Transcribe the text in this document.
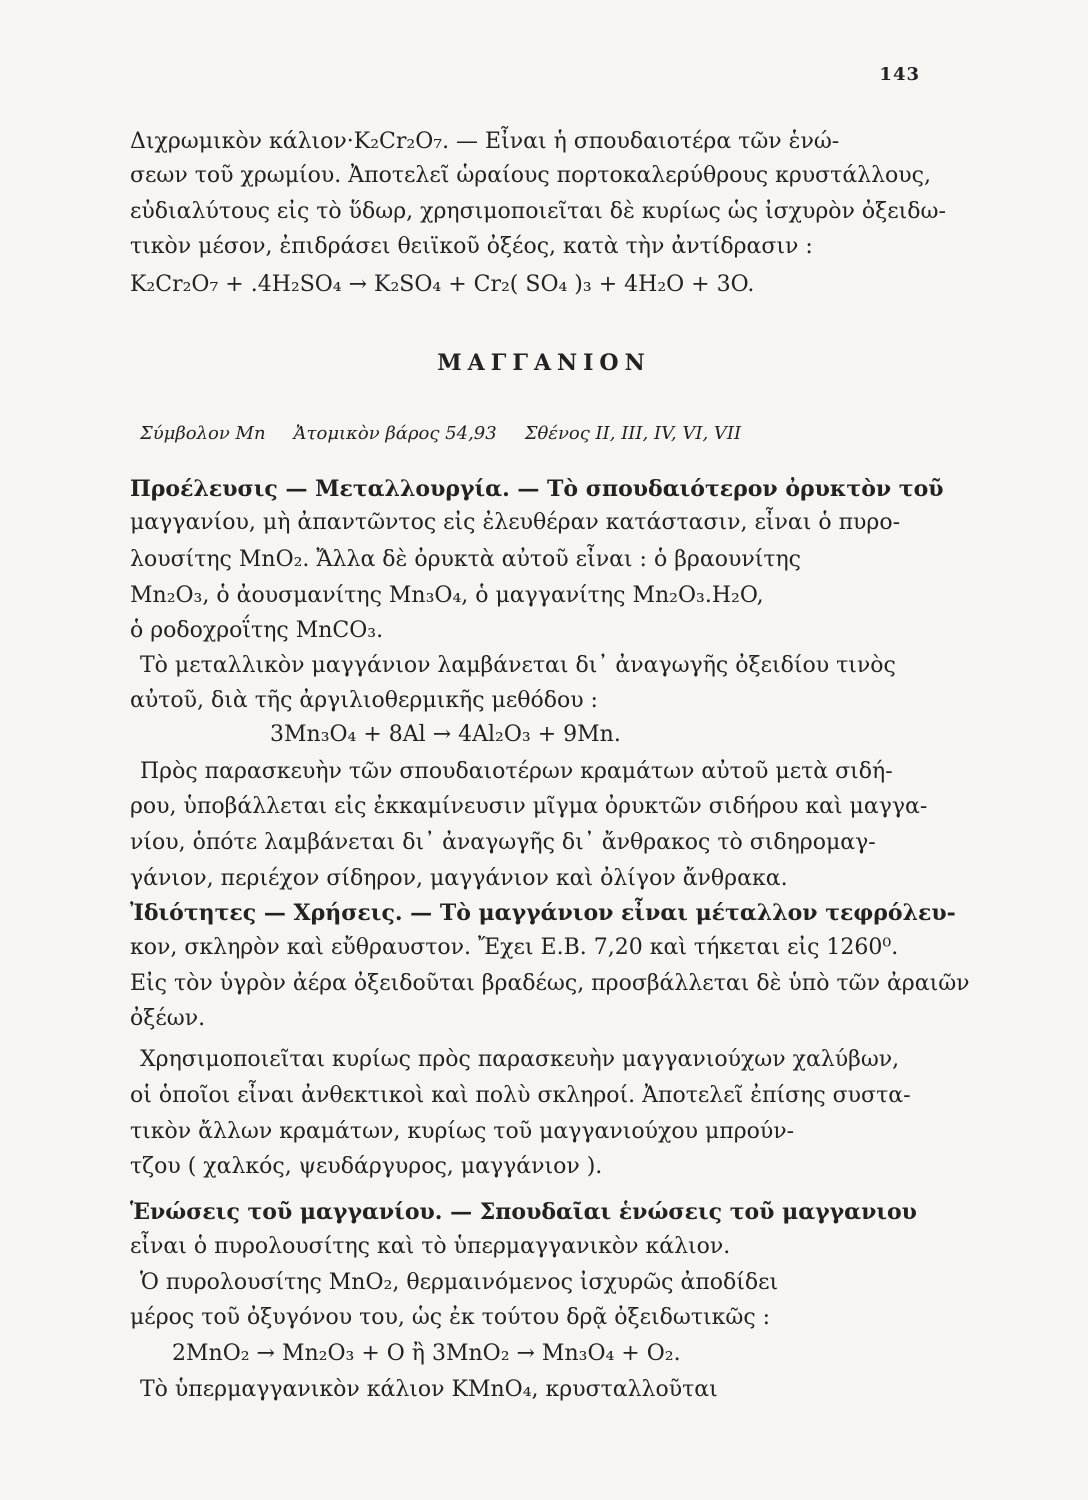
143
Διχρωμικὸν κάλιον·K₂Cr₂O₇. — Εἶναι ἡ σπουδαιοτέρα τῶν ἑνώ-
σεων τοῦ χρωμίου. Ἀποτελεῖ ὡραίους πορτοκαλερύθρους κρυστάλλους,
εὐδιαλύτους εἰς τὸ ὕδωρ, χρησιμοποιεῖται δὲ κυρίως ὡς ἰσχυρὸν ὀξειδω-
τικὸν μέσον, ἐπιδράσει θειϊκοῦ ὀξέος, κατὰ τὴν ἀντίδρασιν :
K₂Cr₂O₇ + .4H₂SO₄ → K₂SO₄ + Cr₂( SO₄ )₃ + 4H₂O + 3O.
ΜΑΓΓΑΝΙΟΝ
Σύμβολον Mn Ἀτομικὸν βάρος 54,93 Σθένος II, III, IV, VI, VII
Προέλευσις — Μεταλλουργία. — Τὸ σπουδαιότερον ὀρυκτὸν τοῦ
μαγγανίου, μὴ ἀπαντῶντος εἰς ἐλευθέραν κατάστασιν, εἶναι ὁ πυρο-
λουσίτης MnO₂. Ἄλλα δὲ ὀρυκτὰ αὐτοῦ εἶναι : ὁ βραουνίτης
Mn₂O₃, ὁ ἀουσμανίτης Mn₃O₄, ὁ μαγγανίτης Mn₂O₃.H₂O,
ὁ ροδοχροΐτης MnCO₃.
Τὸ μεταλλικὸν μαγγάνιον λαμβάνεται δι᾿ ἀναγωγῆς ὀξειδίου τινὸς
αὐτοῦ, διὰ τῆς ἀργιλιοθερμικῆς μεθόδου :
3Mn₃O₄ + 8Al → 4Al₂O₃ + 9Mn.
Πρὸς παρασκευὴν τῶν σπουδαιοτέρων κραμάτων αὐτοῦ μετὰ σιδή-
ρου, ὑποβάλλεται εἰς ἐκκαμίνευσιν μῖγμα ὀρυκτῶν σιδήρου καὶ μαγγα-
νίου, ὁπότε λαμβάνεται δι᾿ ἀναγωγῆς δι᾿ ἄνθρακος τὸ σιδηρομαγ-
γάνιον, περιέχον σίδηρον, μαγγάνιον καὶ ὀλίγον ἄνθρακα.
Ἰδιότητες — Χρήσεις. — Τὸ μαγγάνιον εἶναι μέταλλον τεφρόλευ-
κον, σκληρὸν καὶ εὔθραυστον. Ἔχει Ε.Β. 7,20 καὶ τήκεται εἰς 1260⁰.
Εἰς τὸν ὑγρὸν ἀέρα ὀξειδοῦται βραδέως, προσβάλλεται δὲ ὑπὸ τῶν ἀραιῶν
ὀξέων.
Χρησιμοποιεῖται κυρίως πρὸς παρασκευὴν μαγγανιούχων χαλύβων,
οἱ ὁποῖοι εἶναι ἀνθεκτικοὶ καὶ πολὺ σκληροί. Ἀποτελεῖ ἐπίσης συστα-
τικὸν ἄλλων κραμάτων, κυρίως τοῦ μαγγανιούχου μπρούν-
τζου ( χαλκός, ψευδάργυρος, μαγγάνιον ).
Ἑνώσεις τοῦ μαγγανίου. — Σπουδαῖαι ἑνώσεις τοῦ μαγγανιου
εἶναι ὁ πυρολουσίτης καὶ τὸ ὑπερμαγγανικὸν κάλιον.
Ὁ πυρολουσίτης MnO₂, θερμαινόμενος ἰσχυρῶς ἀποδίδει
μέρος τοῦ ὀξυγόνου του, ὡς ἐκ τούτου δρᾷ ὀξειδωτικῶς :
2MnO₂ → Mn₂O₃ + O ἢ 3MnO₂ → Mn₃O₄ + O₂.
Τὸ ὑπερμαγγανικὸν κάλιον KMnO₄, κρυσταλλοῦται
